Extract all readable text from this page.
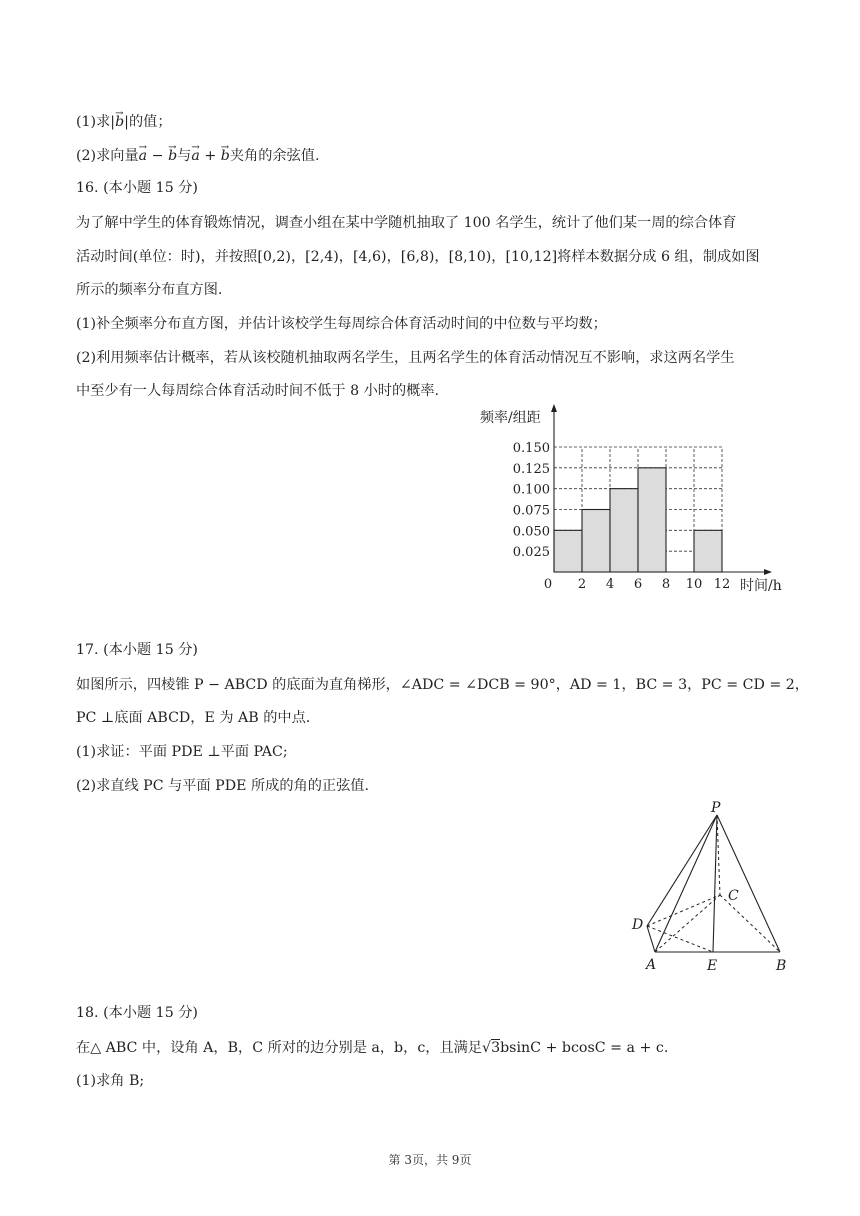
(1)求|→ b|的值；
(2)求向量→ a − → b与→ a + → b夹角的余弦值.
16. (本小题 15 分)
为了解中学生的体育锻炼情况，调查小组在某中学随机抽取了 100 名学生，统计了他们某一周的综合体育
活动时间(单位：时)，并按照[0,2)，[2,4)，[4,6)，[6,8)，[8,10)，[10,12]将样本数据分成 6 组，制成如图
所示的频率分布直方图.
(1)补全频率分布直方图，并估计该校学生每周综合体育活动时间的中位数与平均数；
(2)利用频率估计概率，若从该校随机抽取两名学生，且两名学生的体育活动情况互不影响，求这两名学生
中至少有一人每周综合体育活动时间不低于 8 小时的概率.
0.025
0.050
0.075
0.100
0.125
0.150
0 2 4 6 8 10 12
频率/组距
时间/h
17. (本小题 15 分)
如图所示，四棱锥 P − ABCD 的底面为直角梯形，∠ADC = ∠DCB = 90°，AD = 1，BC = 3，PC = CD = 2，
PC ⊥底面 ABCD，E 为 AB 的中点.
(1)求证：平面 PDE ⊥平面 PAC;
(2)求直线 PC 与平面 PDE 所成的角的正弦值.
P
C
D
A	E	B
18. (本小题 15 分)
在△ ABC 中，设角 A，B，C 所对的边分别是 a，b，c，且满足√3bsinC + bcosC = a + c.
(1)求角 B;
第 3页，共 9页
